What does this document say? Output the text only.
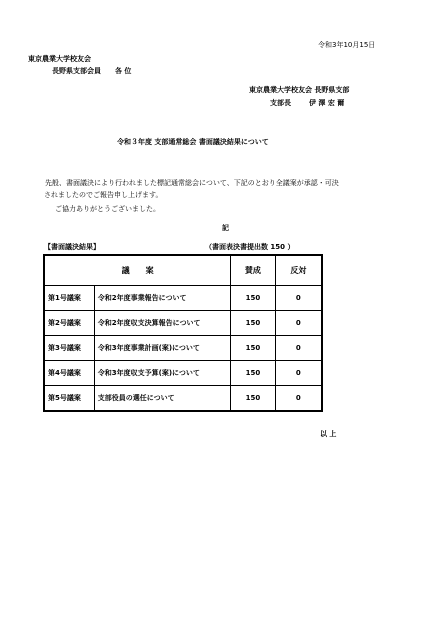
令和3年10月15日
東京農業大学校友会
長野県支部会員 各 位
東京農業大学校友会 長野県支部
支部長	伊 澤 宏 爾
令和３年度 支部通常総会 書面議決結果について
先般、書面議決により行われました標記通常総会について、下記のとおり全議案が承認・可決
されましたのでご報告申し上げます。
ご協力ありがとうございました。
記
【書面議決結果】	（書面表決書提出数 150 ）
議　　案		賛成	反対
第1号議案	令和2年度事業報告について	150	0
第2号議案	令和2年度収支決算報告について	150	0
第3号議案	令和3年度事業計画(案)について	150	0
第4号議案	令和3年度収支予算(案)について	150	0
第5号議案	支部役員の選任について	150	0
以 上
